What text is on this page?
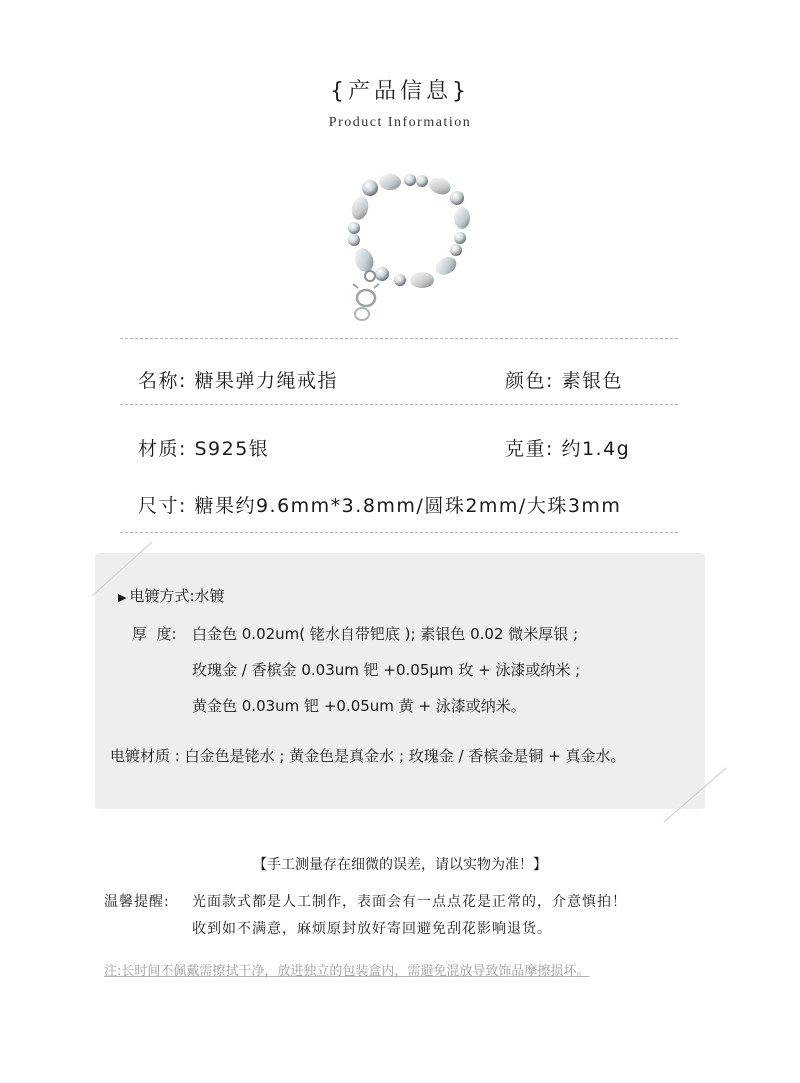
{产品信息}
Product Information
名称: 糖果弹力绳戒指	颜色: 素银色
材质: S925银	克重: 约1.4g
尺寸: 糖果约9.6mm*3.8mm/圆珠2mm/大珠3mm
▶ 电镀方式:水镀
厚  度: 白金色 0.02um( 铑水自带钯底 ); 素银色 0.02 微米厚银 ;
玫瑰金 / 香槟金 0.03um 钯 +0.05μm 玫 + 泳漆或纳米 ;
黄金色 0.03um 钯 +0.05um 黄 + 泳漆或纳米。
电镀材质 : 白金色是铑水 ; 黄金色是真金水 ; 玫瑰金 / 香槟金是铜 + 真金水。
【手工测量存在细微的误差，请以实物为准！】
温馨提醒: 光面款式都是人工制作，表面会有一点点花是正常的，介意慎拍！
收到如不满意，麻烦原封放好寄回避免刮花影响退货。
注:长时间不佩戴需擦拭干净，放进独立的包装盒内，需避免混放导致饰品摩擦损坏。
